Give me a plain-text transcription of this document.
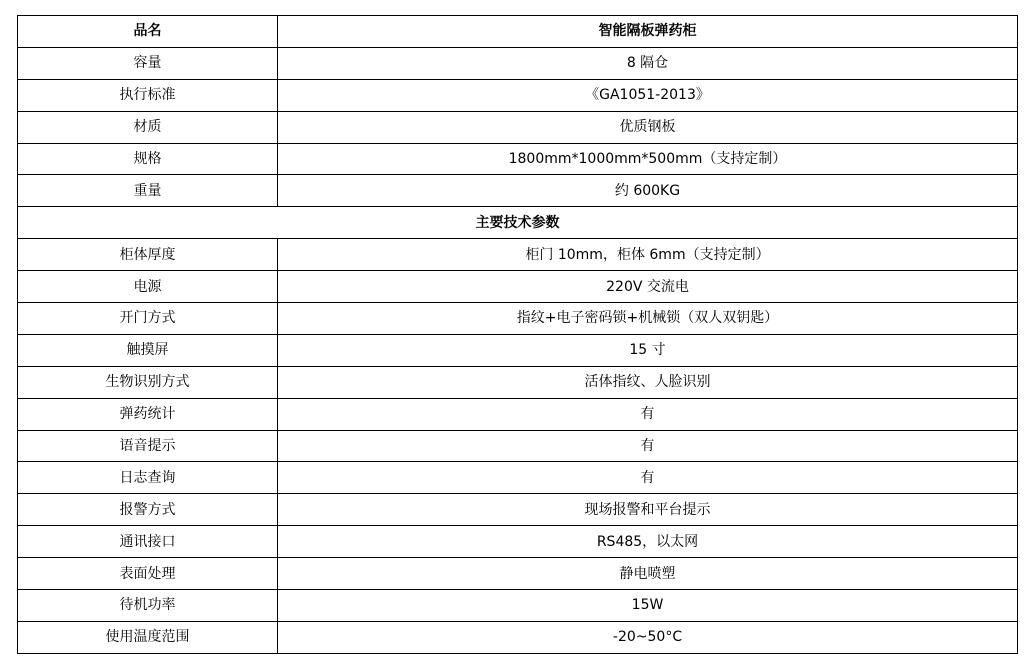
品名	智能隔板弹药柜
容量	8 隔仓
执行标准	《GA1051-2013》
材质	优质钢板
规格	1800mm*1000mm*500mm（支持定制）
重量	约 600KG
主要技术参数	
柜体厚度	柜门 10mm，柜体 6mm（支持定制）
电源	220V 交流电
开门方式	指纹+电子密码锁+机械锁（双人双钥匙）
触摸屏	15 寸
生物识别方式	活体指纹、人脸识别
弹药统计	有
语音提示	有
日志查询	有
报警方式	现场报警和平台提示
通讯接口	RS485，以太网
表面处理	静电喷塑
待机功率	15W
使用温度范围	-20~50°C
